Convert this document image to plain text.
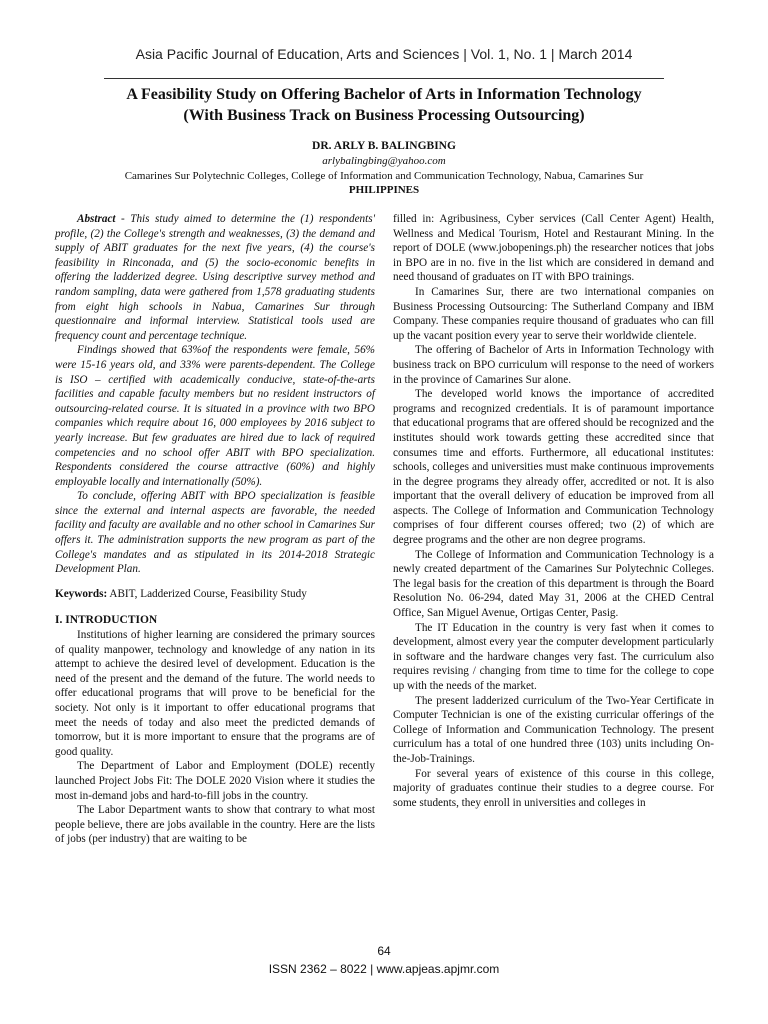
Asia Pacific Journal of Education, Arts and Sciences | Vol. 1, No. 1 | March 2014
A Feasibility Study on Offering Bachelor of Arts in Information Technology
(With Business Track on Business Processing Outsourcing)
DR. ARLY B. BALINGBING
arlybalingbing@yahoo.com
Camarines Sur Polytechnic Colleges, College of Information and Communication Technology, Nabua, Camarines Sur
PHILIPPINES

Abstract - This study aimed to determine the (1) respondents' profile, (2) the College's strength and weaknesses, (3) the demand and supply of ABIT graduates for the next five years, (4) the course's feasibility in Rinconada, and (5) the socio-economic benefits in offering the ladderized degree. Using descriptive survey method and random sampling, data were gathered from 1,578 graduating students from eight high schools in Nabua, Camarines Sur through questionnaire and informal interview. Statistical tools used are frequency count and percentage technique.

Findings showed that 63%of the respondents were female, 56% were 15-16 years old, and 33% were parents-dependent. The College is ISO – certified with academically conducive, state-of-the-arts facilities and capable faculty members but no resident instructors of outsourcing-related course. It is situated in a province with two BPO companies which require about 16, 000 employees by 2016 subject to yearly increase. But few graduates are hired due to lack of required competencies and no school offer ABIT with BPO specialization. Respondents considered the course attractive (60%) and highly employable locally and internationally (50%).

To conclude, offering ABIT with BPO specialization is feasible since the external and internal aspects are favorable, the needed facility and faculty are available and no other school in Camarines Sur offers it. The administration supports the new program as part of the College's mandates and as stipulated in its 2014-2018 Strategic Development Plan.

Keywords: ABIT, Ladderized Course, Feasibility Study

I. INTRODUCTION

Institutions of higher learning are considered the primary sources of quality manpower, technology and knowledge of any nation in its attempt to achieve the desired level of development. Education is the need of the present and the demand of the future. The world needs to offer educational programs that will prove to be beneficial for the society. Not only is it important to offer educational programs that meet the needs of today and also meet the predicted demands of tomorrow, but it is more important to ensure that the programs are of good quality.

The Department of Labor and Employment (DOLE) recently launched Project Jobs Fit: The DOLE 2020 Vision where it studies the most in-demand jobs and hard-to-fill jobs in the country.

The Labor Department wants to show that contrary to what most people believe, there are jobs available in the country. Here are the lists of jobs (per industry) that are waiting to be

filled in: Agribusiness, Cyber services (Call Center Agent) Health, Wellness and Medical Tourism, Hotel and Restaurant Mining. In the report of DOLE (www.jobopenings.ph) the researcher notices that jobs in BPO are in no. five in the list which are considered in demand and need thousand of graduates on IT with BPO trainings.

In Camarines Sur, there are two international companies on Business Processing Outsourcing: The Sutherland Company and IBM Company. These companies require thousand of graduates who can fill up the vacant position every year to serve their worldwide clientele.

The offering of Bachelor of Arts in Information Technology with business track on BPO curriculum will response to the need of workers in the province of Camarines Sur alone.

The developed world knows the importance of accredited programs and recognized credentials. It is of paramount importance that educational programs that are offered should be recognized and the institutes should work towards getting these accredited since that consumes time and efforts. Furthermore, all educational institutes: schools, colleges and universities must make continuous improvements in the degree programs they already offer, accredited or not. It is also important that the overall delivery of education be improved from all aspects. The College of Information and Communication Technology comprises of four different courses offered; two (2) of which are degree programs and the other are non degree programs.

The College of Information and Communication Technology is a newly created department of the Camarines Sur Polytechnic Colleges. The legal basis for the creation of this department is through the Board Resolution No. 06-294, dated May 31, 2006 at the CHED Central Office, San Miguel Avenue, Ortigas Center, Pasig.

The IT Education in the country is very fast when it comes to development, almost every year the computer development particularly in software and the hardware changes very fast. The curriculum also requires revising / changing from time to time for the college to cope up with the needs of the market.

The present ladderized curriculum of the Two-Year Certificate in Computer Technician is one of the existing curricular offerings of the College of Information and Communication Technology. The present curriculum has a total of one hundred three (103) units including On-the-Job-Trainings.

For several years of existence of this course in this college, majority of graduates continue their studies to a degree course. For some students, they enroll in universities and colleges in

64
ISSN 2362 – 8022 | www.apjeas.apjmr.com
